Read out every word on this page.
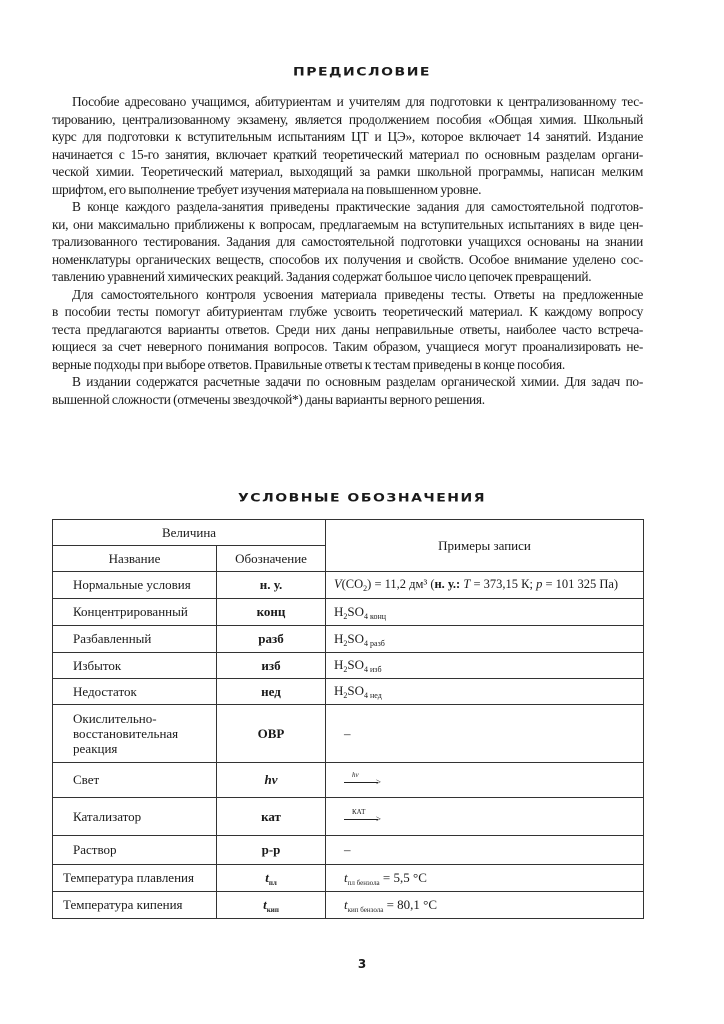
ПРЕДИСЛОВИЕ
Пособие адресовано учащимся, абитуриентам и учителям для подготовки к централизованному тес-
тированию, централизованному экзамену, является продолжением пособия «Общая химия. Школьный
курс для подготовки к вступительным испытаниям ЦТ и ЦЭ», которое включает 14 занятий. Издание
начинается с 15-го занятия, включает краткий теоретический материал по основным разделам органи-
ческой химии. Теоретический материал, выходящий за рамки школьной программы, написан мелким
шрифтом, его выполнение требует изучения материала на повышенном уровне.
В конце каждого раздела-занятия приведены практические задания для самостоятельной подготов-
ки, они максимально приближены к вопросам, предлагаемым на вступительных испытаниях в виде цен-
трализованного тестирования. Задания для самостоятельной подготовки учащихся основаны на знании
номенклатуры органических веществ, способов их получения и свойств. Особое внимание уделено сос-
тавлению уравнений химических реакций. Задания содержат большое число цепочек превращений.
Для самостоятельного контроля усвоения материала приведены тесты. Ответы на предложенные
в пособии тесты помогут абитуриентам глубже усвоить теоретический материал. К каждому вопросу
теста предлагаются варианты ответов. Среди них даны неправильные ответы, наиболее часто встреча-
ющиеся за счет неверного понимания вопросов. Таким образом, учащиеся могут проанализировать не-
верные подходы при выборе ответов. Правильные ответы к тестам приведены в конце пособия.
В издании содержатся расчетные задачи по основным разделам органической химии. Для задач по-
вышенной сложности (отмечены звездочкой*) даны варианты верного решения.
УСЛОВНЫЕ ОБОЗНАЧЕНИЯ
Величина		Примеры записи
Название	Обозначение	
Нормальные условия	н. у.	$V(CO_2) = 11,2$ дм³ (н. у.: T = 373,15 К; p = 101 325 Па)
Концентрированный	конц	$H_2SO_{4 конц}$
Разбавленный	разб	$H_2SO_{4 разб}$
Избыток	изб	$H_2SO_{4 изб}$
Недостаток	нед	$H_2SO_{4 нед}$

Окислительно-
восстановительная
реакция	ОВР	–
Свет	hν	hν
>

Катализатор	кат	КАТ
>

Раствор	р-р	–
Температура плавления	$t_{пл}$	$t_{пл бензола} = 5,5$ °C
Температура кипения	$t_{кип}$	$t_{кип бензола} = 80,1$ °C
3
